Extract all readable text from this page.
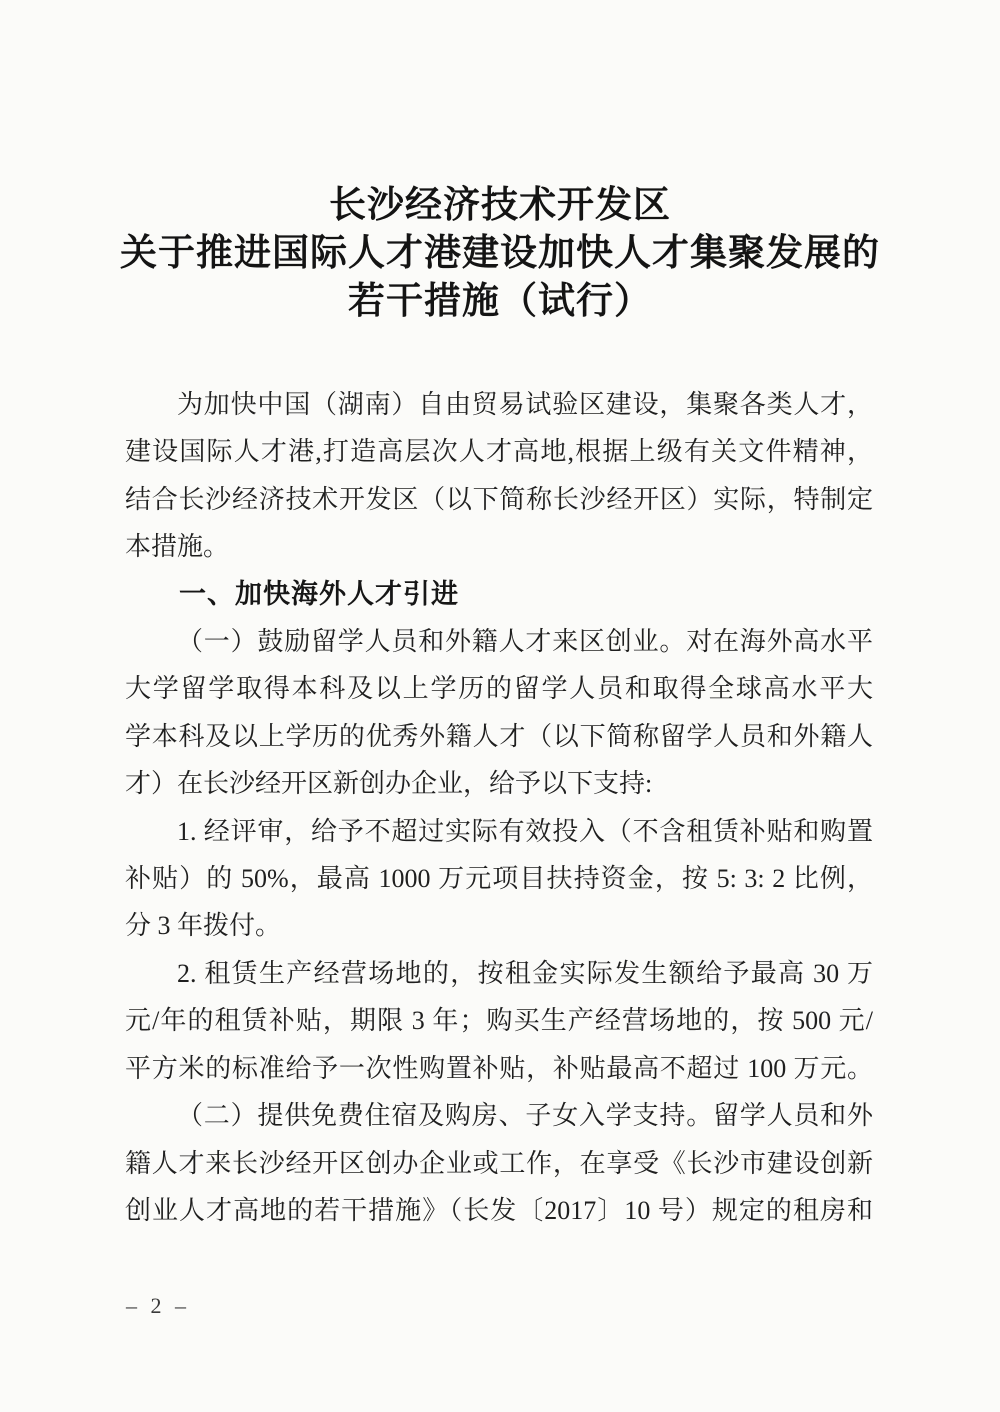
长沙经济技术开发区
关于推进国际人才港建设加快人才集聚发展的
若干措施（试行）
为加快中国（湖南）自由贸易试验区建设，集聚各类人才，
建设国际人才港,打造高层次人才高地,根据上级有关文件精神，
结合长沙经济技术开发区（以下简称长沙经开区）实际，特制定
本措施。
一、加快海外人才引进
（一）鼓励留学人员和外籍人才来区创业。对在海外高水平
大学留学取得本科及以上学历的留学人员和取得全球高水平大
学本科及以上学历的优秀外籍人才（以下简称留学人员和外籍人
才）在长沙经开区新创办企业，给予以下支持:
1. 经评审，给予不超过实际有效投入（不含租赁补贴和购置
补贴）的 50%，最高 1000 万元项目扶持资金，按 5: 3: 2 比例，
分 3 年拨付。
2. 租赁生产经营场地的，按租金实际发生额给予最高 30 万
元/年的租赁补贴，期限 3 年；购买生产经营场地的，按 500 元/
平方米的标准给予一次性购置补贴，补贴最高不超过 100 万元。
（二）提供免费住宿及购房、子女入学支持。留学人员和外
籍人才来长沙经开区创办企业或工作，在享受《长沙市建设创新
创业人才高地的若干措施》（长发〔2017〕10 号）规定的租房和
– 2 –
